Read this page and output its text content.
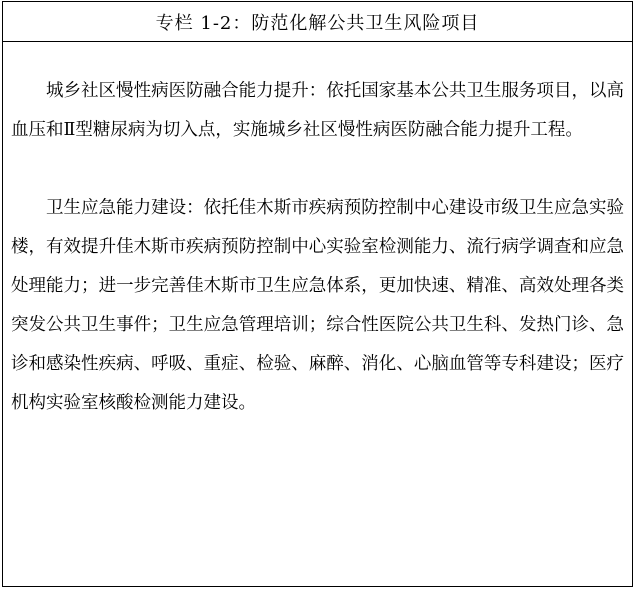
专栏 1-2：防范化解公共卫生风险项目

城乡社区慢性病医防融合能力提升：依托国家基本公共卫生服务项目，以高血压和Ⅱ型糖尿病为切入点，实施城乡社区慢性病医防融合能力提升工程。

卫生应急能力建设：依托佳木斯市疾病预防控制中心建设市级卫生应急实验楼，有效提升佳木斯市疾病预防控制中心实验室检测能力、流行病学调查和应急处理能力；进一步完善佳木斯市卫生应急体系，更加快速、精准、高效处理各类突发公共卫生事件；卫生应急管理培训；综合性医院公共卫生科、发热门诊、急诊和感染性疾病、呼吸、重症、检验、麻醉、消化、心脑血管等专科建设；医疗机构实验室核酸检测能力建设。
